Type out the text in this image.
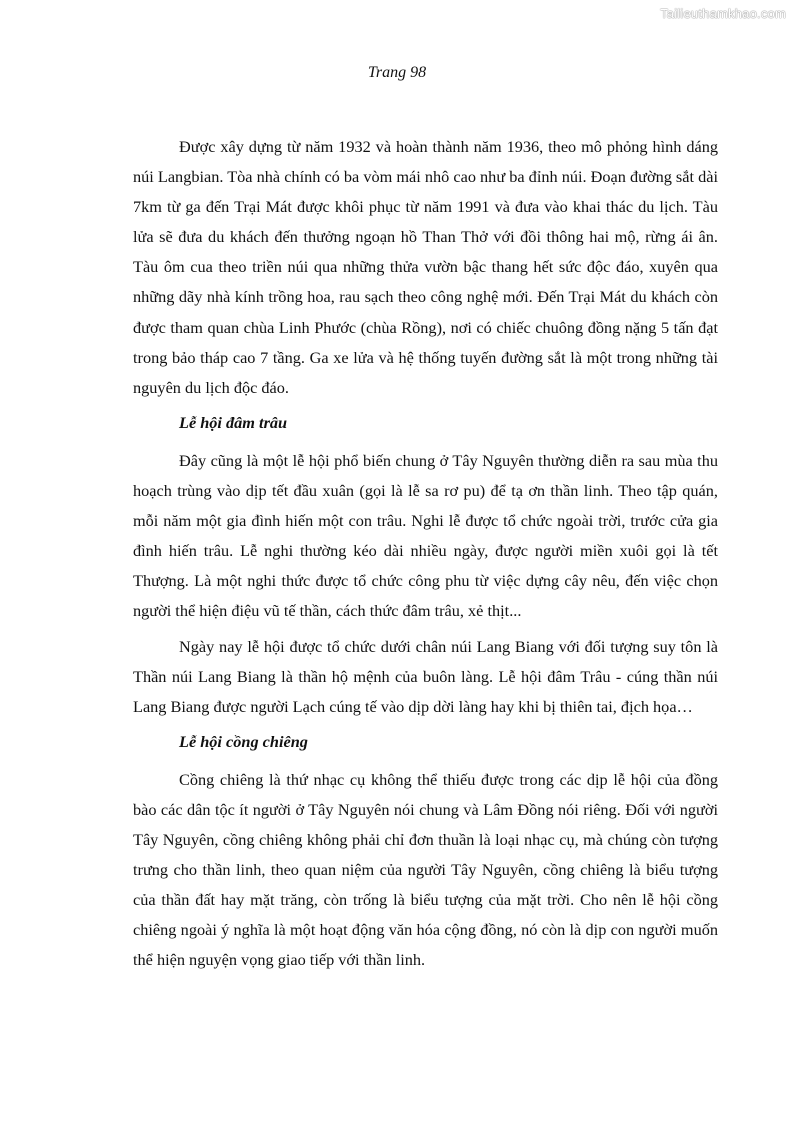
Tailieuthamkhao.com
Trang 98

Được xây dựng từ năm 1932 và hoàn thành năm 1936, theo mô phỏng hình dáng núi Langbian. Tòa nhà chính có ba vòm mái nhô cao như ba đỉnh núi. Đoạn đường sắt dài 7km từ ga đến Trại Mát được khôi phục từ năm 1991 và đưa vào khai thác du lịch. Tàu lửa sẽ đưa du khách đến thưởng ngoạn hồ Than Thở với đồi thông hai mộ, rừng ái ân. Tàu ôm cua theo triền núi qua những thửa vườn bậc thang hết sức độc đáo, xuyên qua những dãy nhà kính trồng hoa, rau sạch theo công nghệ mới. Đến Trại Mát du khách còn được tham quan chùa Linh Phước (chùa Rồng), nơi có chiếc chuông đồng nặng 5 tấn đạt trong bảo tháp cao 7 tầng. Ga xe lửa và hệ thống tuyến đường sắt là một trong những tài nguyên du lịch độc đáo.

Lễ hội đâm trâu

Đây cũng là một lễ hội phổ biến chung ở Tây Nguyên thường diễn ra sau mùa thu hoạch trùng vào dịp tết đầu xuân (gọi là lễ sa rơ pu) để tạ ơn thần linh. Theo tập quán, mỗi năm một gia đình hiến một con trâu. Nghi lễ được tổ chức ngoài trời, trước cửa gia đình hiến trâu. Lễ nghi thường kéo dài nhiều ngày, được người miền xuôi gọi là tết Thượng. Là một nghi thức được tổ chức công phu từ việc dựng cây nêu, đến việc chọn người thể hiện điệu vũ tế thần, cách thức đâm trâu, xẻ thịt...

Ngày nay lễ hội được tổ chức dưới chân núi Lang Biang với đối tượng suy tôn là Thần núi Lang Biang là thần hộ mệnh của buôn làng. Lễ hội đâm Trâu - cúng thần núi Lang Biang được người Lạch cúng tế vào dịp dời làng hay khi bị thiên tai, địch họa…

Lễ hội cồng chiêng

Cồng chiêng là thứ nhạc cụ không thể thiếu được trong các dịp lễ hội của đồng bào các dân tộc ít người ở Tây Nguyên nói chung và Lâm Đồng nói riêng. Đối với người Tây Nguyên, cồng chiêng không phải chỉ đơn thuần là loại nhạc cụ, mà chúng còn tượng trưng cho thần linh, theo quan niệm của người Tây Nguyên, cồng chiêng là biểu tượng của thần đất hay mặt trăng, còn trống là biểu tượng của mặt trời. Cho nên lễ hội cồng chiêng ngoài ý nghĩa là một hoạt động văn hóa cộng đồng, nó còn là dịp con người muốn thể hiện nguyện vọng giao tiếp với thần linh.
